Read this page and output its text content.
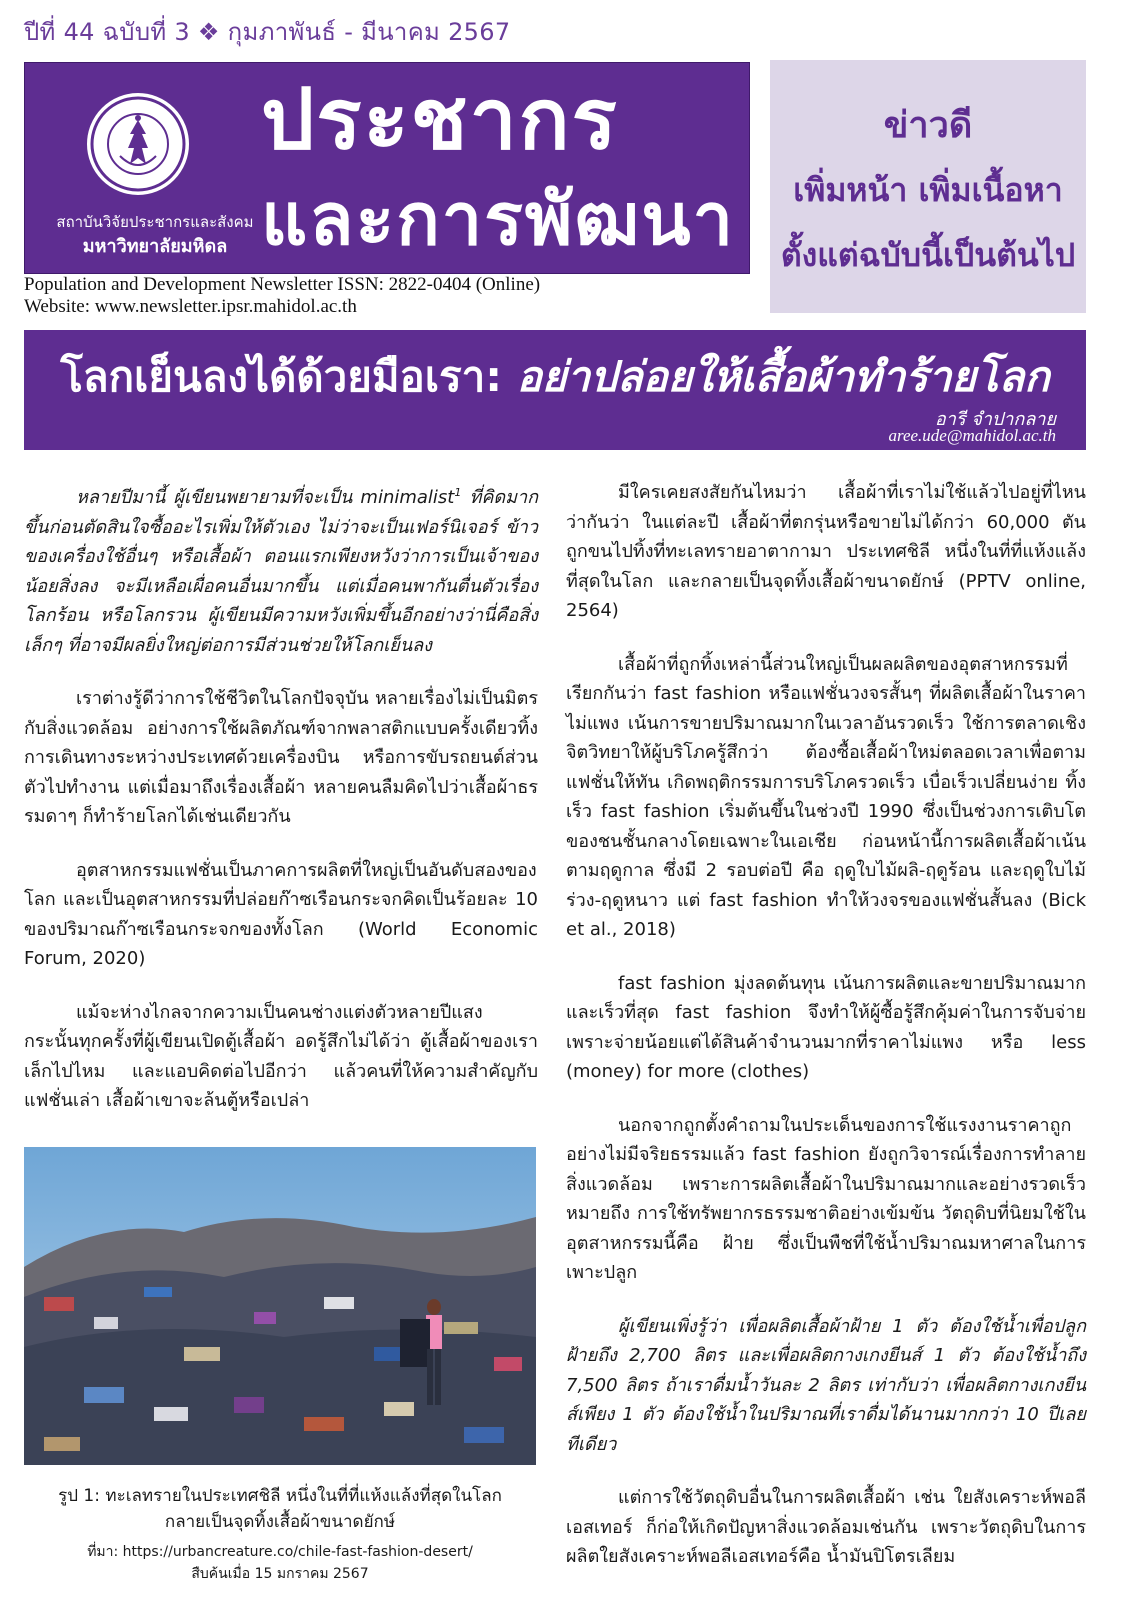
ปีที่ 44 ฉบับที่ 3 ❖ กุมภาพันธ์ - มีนาคม 2567
สถาบันวิจัยประชากรและสังคม
มหาวิทยาลัยมหิดล
ประชากร
และการพัฒนา
ข่าวดี
เพิ่มหน้า เพิ่มเนื้อหา
ตั้งแต่ฉบับนี้เป็นต้นไป
Population and Development Newsletter ISSN: 2822-0404 (Online)
Website: www.newsletter.ipsr.mahidol.ac.th
โลกเย็นลงได้ด้วยมือเรา: อย่าปล่อยให้เสื้อผ้าทำร้ายโลก
อารี จำปากลาย
aree.ude@mahidol.ac.th

หลายปีมานี้ ผู้เขียนพยายามที่จะเป็น minimalist$^1$ ที่คิดมากขึ้นก่อนตัดสินใจซื้ออะไรเพิ่มให้ตัวเอง ไม่ว่าจะเป็นเฟอร์นิเจอร์ ข้าวของเครื่องใช้อื่นๆ หรือเสื้อผ้า ตอนแรกเพียงหวังว่าการเป็นเจ้าของน้อยสิ่งลง จะมีเหลือเผื่อคนอื่นมากขึ้น แต่เมื่อคนพากันตื่นตัวเรื่องโลกร้อน หรือโลกรวน ผู้เขียนมีความหวังเพิ่มขึ้นอีกอย่างว่านี่คือสิ่งเล็กๆ ที่อาจมีผลยิ่งใหญ่ต่อการมีส่วนช่วยให้โลกเย็นลง

เราต่างรู้ดีว่าการใช้ชีวิตในโลกปัจจุบัน หลายเรื่องไม่เป็นมิตรกับสิ่งแวดล้อม อย่างการใช้ผลิตภัณฑ์จากพลาสติกแบบครั้งเดียวทิ้ง การเดินทางระหว่างประเทศด้วยเครื่องบิน หรือการขับรถยนต์ส่วนตัวไปทำงาน แต่เมื่อมาถึงเรื่องเสื้อผ้า หลายคนลืมคิดไปว่าเสื้อผ้าธรรมดาๆ ก็ทำร้ายโลกได้เช่นเดียวกัน

อุตสาหกรรมแฟชั่นเป็นภาคการผลิตที่ใหญ่เป็นอันดับสองของโลก และเป็นอุตสาหกรรมที่ปล่อยก๊าซเรือนกระจกคิดเป็นร้อยละ 10 ของปริมาณก๊าซเรือนกระจกของทั้งโลก (World Economic Forum, 2020)

แม้จะห่างไกลจากความเป็นคนช่างแต่งตัวหลายปีแสง กระนั้นทุกครั้งที่ผู้เขียนเปิดตู้เสื้อผ้า อดรู้สึกไม่ได้ว่า ตู้เสื้อผ้าของเราเล็กไปไหม และแอบคิดต่อไปอีกว่า แล้วคนที่ให้ความสำคัญกับแฟชั่นเล่า เสื้อผ้าเขาจะล้นตู้หรือเปล่า

รูป 1: ทะเลทรายในประเทศชิลี หนึ่งในที่ที่แห้งแล้งที่สุดในโลก
กลายเป็นจุดทิ้งเสื้อผ้าขนาดยักษ์
ที่มา: https://urbancreature.co/chile-fast-fashion-desert/
สืบค้นเมื่อ 15 มกราคม 2567

มีใครเคยสงสัยกันไหมว่า เสื้อผ้าที่เราไม่ใช้แล้วไปอยู่ที่ไหน ว่ากันว่า ในแต่ละปี เสื้อผ้าที่ตกรุ่นหรือขายไม่ได้กว่า 60,000 ตัน ถูกขนไปทิ้งที่ทะเลทรายอาตากามา ประเทศชิลี หนึ่งในที่ที่แห้งแล้งที่สุดในโลก และกลายเป็นจุดทิ้งเสื้อผ้าขนาดยักษ์ (PPTV online, 2564)

เสื้อผ้าที่ถูกทิ้งเหล่านี้ส่วนใหญ่เป็นผลผลิตของอุตสาหกรรมที่เรียกกันว่า fast fashion หรือแฟชั่นวงจรสั้นๆ ที่ผลิตเสื้อผ้าในราคาไม่แพง เน้นการขายปริมาณมากในเวลาอันรวดเร็ว ใช้การตลาดเชิงจิตวิทยาให้ผู้บริโภครู้สึกว่า ต้องซื้อเสื้อผ้าใหม่ตลอดเวลาเพื่อตามแฟชั่นให้ทัน เกิดพฤติกรรมการบริโภครวดเร็ว เบื่อเร็วเปลี่ยนง่าย ทิ้งเร็ว fast fashion เริ่มต้นขึ้นในช่วงปี 1990 ซึ่งเป็นช่วงการเติบโตของชนชั้นกลางโดยเฉพาะในเอเชีย ก่อนหน้านี้การผลิตเสื้อผ้าเน้นตามฤดูกาล ซึ่งมี 2 รอบต่อปี คือ ฤดูใบไม้ผลิ-ฤดูร้อน และฤดูใบไม้ร่วง-ฤดูหนาว แต่ fast fashion ทำให้วงจรของแฟชั่นสั้นลง (Bick et al., 2018)

fast fashion มุ่งลดต้นทุน เน้นการผลิตและขายปริมาณมากและเร็วที่สุด fast fashion จึงทำให้ผู้ซื้อรู้สึกคุ้มค่าในการจับจ่าย เพราะจ่ายน้อยแต่ได้สินค้าจำนวนมากที่ราคาไม่แพง หรือ less (money) for more (clothes)

นอกจากถูกตั้งคำถามในประเด็นของการใช้แรงงานราคาถูกอย่างไม่มีจริยธรรมแล้ว fast fashion ยังถูกวิจารณ์เรื่องการทำลายสิ่งแวดล้อม เพราะการผลิตเสื้อผ้าในปริมาณมากและอย่างรวดเร็ว หมายถึง การใช้ทรัพยากรธรรมชาติอย่างเข้มข้น วัตถุดิบที่นิยมใช้ในอุตสาหกรรมนี้คือ ฝ้าย ซึ่งเป็นพืชที่ใช้น้ำปริมาณมหาศาลในการเพาะปลูก

ผู้เขียนเพิ่งรู้ว่า เพื่อผลิตเสื้อผ้าฝ้าย 1 ตัว ต้องใช้น้ำเพื่อปลูกฝ้ายถึง 2,700 ลิตร และเพื่อผลิตกางเกงยีนส์ 1 ตัว ต้องใช้น้ำถึง 7,500 ลิตร ถ้าเราดื่มน้ำวันละ 2 ลิตร เท่ากับว่า เพื่อผลิตกางเกงยีนส์เพียง 1 ตัว ต้องใช้น้ำในปริมาณที่เราดื่มได้นานมากกว่า 10 ปีเลยทีเดียว

แต่การใช้วัตถุดิบอื่นในการผลิตเสื้อผ้า เช่น ใยสังเคราะห์พอลีเอสเทอร์ ก็ก่อให้เกิดปัญหาสิ่งแวดล้อมเช่นกัน เพราะวัตถุดิบในการผลิตใยสังเคราะห์พอลีเอสเทอร์คือ น้ำมันปิโตรเลียม
